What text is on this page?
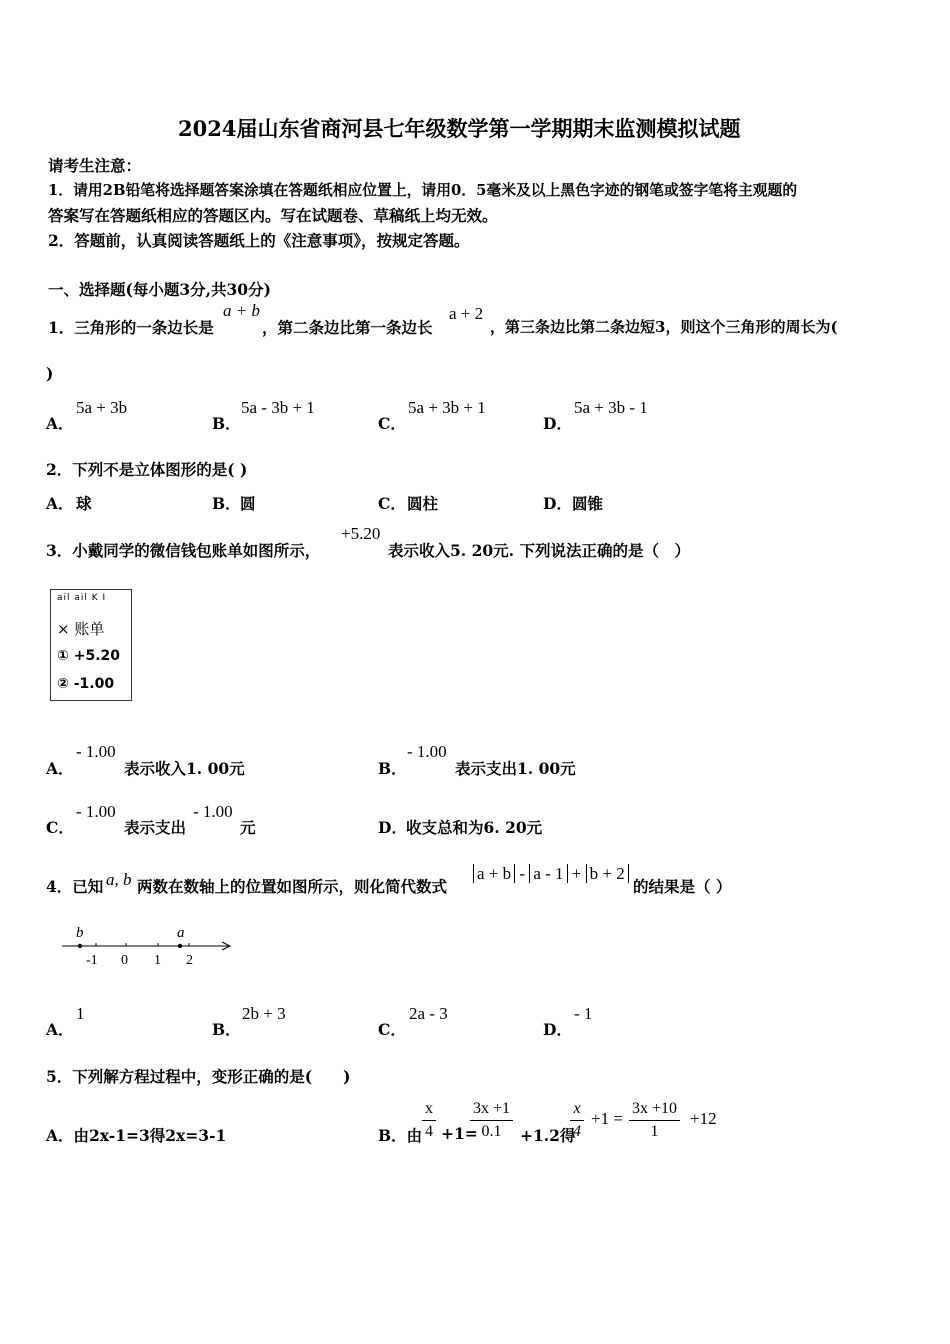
2024届山东省商河县七年级数学第一学期期末监测模拟试题
请考生注意：
1．请用2B铅笔将选择题答案涂填在答题纸相应位置上，请用0．5毫米及以上黑色字迹的钢笔或签字笔将主观题的
答案写在答题纸相应的答题区内。写在试题卷、草稿纸上均无效。
2．答题前，认真阅读答题纸上的《注意事项》，按规定答题。
一、选择题(每小题3分,共30分)
1．三角形的一条边长是
a + b
，第二条边比第一条边长
a + 2
，第三条边比第二条边短3，则这个三角形的周长为(
)
A．
5a + 3b
B．
5a - 3b + 1
C．
5a + 3b + 1
D．
5a + 3b - 1
2．下列不是立体图形的是( )
A． 球	B． 圆	C． 圆柱	D． 圆锥
3．小戴同学的微信钱包账单如图所示，
+5.20
表示收入5. 20元. 下列说法正确的是（　）
ail ail K I
× 账单
① +5.20
② -1.00
A．
- 1.00
表示收入1. 00元	B．
- 1.00
表示支出1. 00元
C．
- 1.00
表示支出
- 1.00
元	D． 收支总和为6. 20元
4．已知 a, b 两数在数轴上的位置如图所示，则化简代数式
a + b - a - 1 + b + 2
的结果是（ ）
b	a
-1 0 1 2
A．
1
B．
2b + 3
C．
2a - 3
D．
- 1
5．下列解方程过程中，变形正确的是(　　)
A．由2x-1=3得2x=3-1	B．由 $\frac{x}{4} +1=$
$\frac{3x +1}{0.1} +1.2$得
$\frac{x}{4} +1 = \frac{3x +10}{1} +12$
